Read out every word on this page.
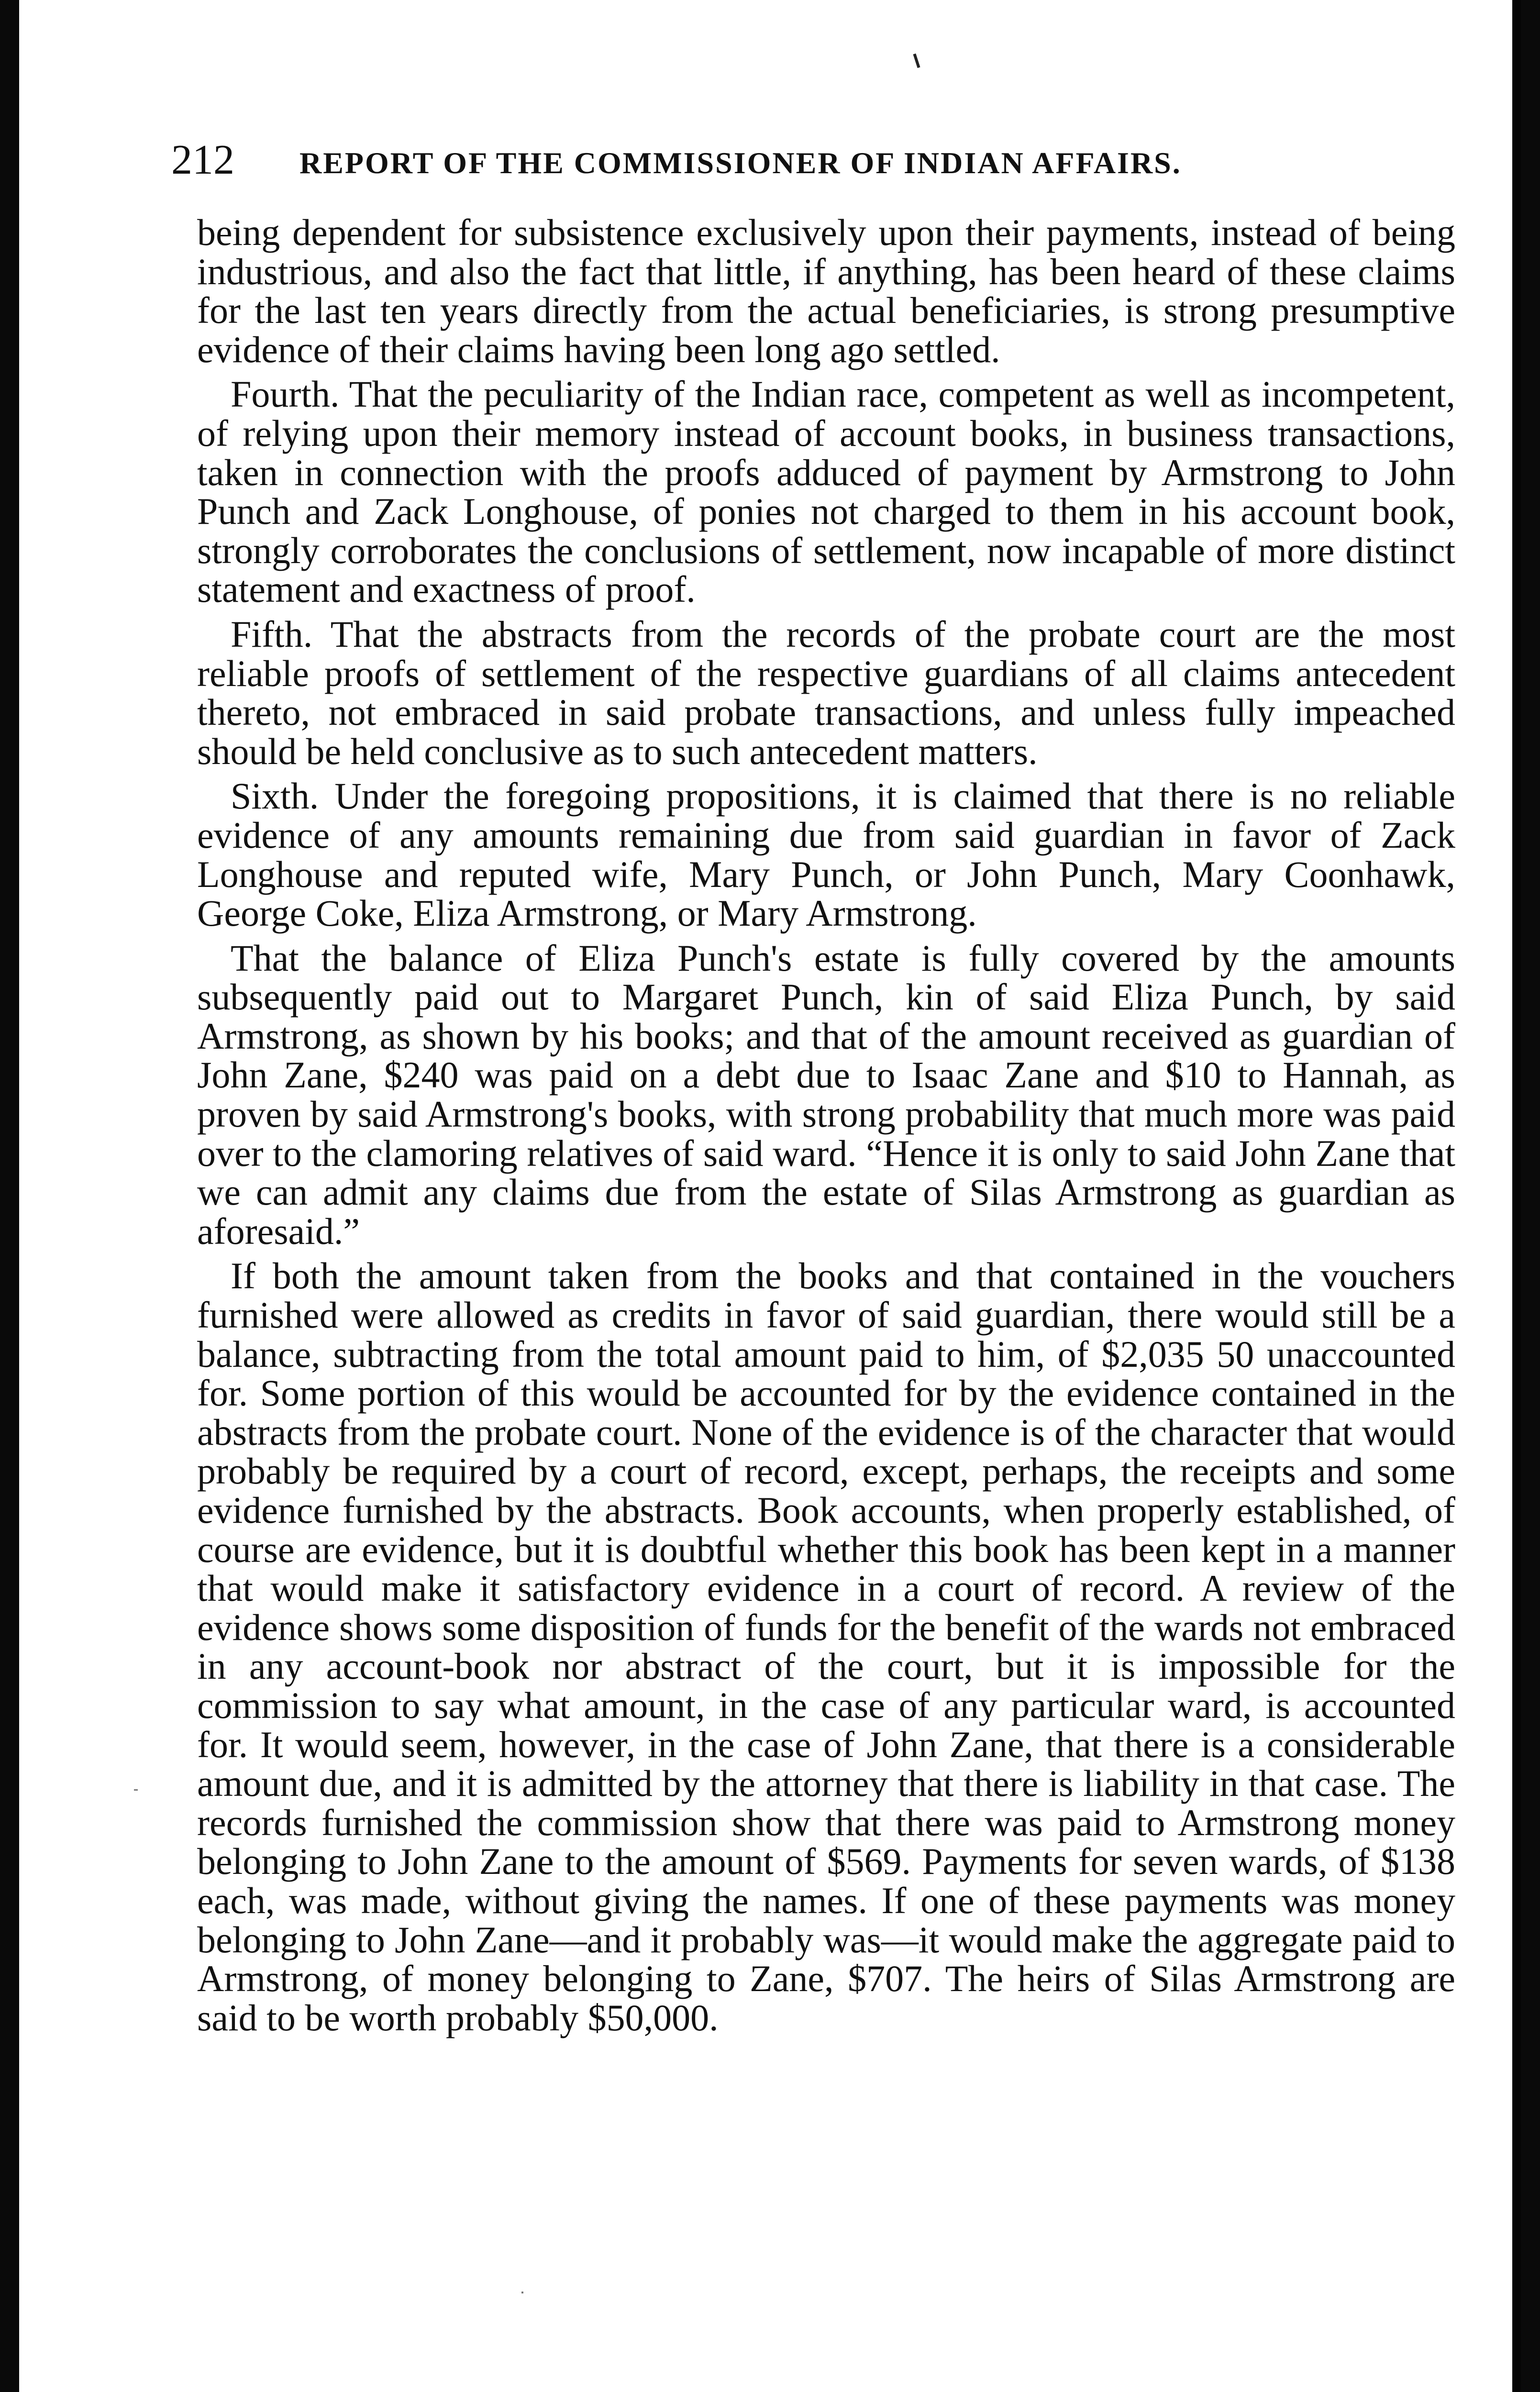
212 REPORT OF THE COMMISSIONER OF INDIAN AFFAIRS.

being dependent for subsistence exclusively upon their payments, instead of being industrious, and also the fact that little, if anything, has been heard of these claims for the last ten years directly from the actual beneficiaries, is strong presumptive evidence of their claims having been long ago settled.

Fourth. That the peculiarity of the Indian race, competent as well as incompetent, of relying upon their memory instead of account books, in business transactions, taken in connection with the proofs adduced of payment by Armstrong to John Punch and Zack Longhouse, of ponies not charged to them in his account book, strongly corroborates the conclusions of settlement, now incapable of more distinct statement and exactness of proof.

Fifth. That the abstracts from the records of the probate court are the most reliable proofs of settlement of the respective guardians of all claims antecedent thereto, not embraced in said probate transactions, and unless fully impeached should be held conclusive as to such antecedent matters.

Sixth. Under the foregoing propositions, it is claimed that there is no reliable evidence of any amounts remaining due from said guardian in favor of Zack Longhouse and reputed wife, Mary Punch, or John Punch, Mary Coonhawk, George Coke, Eliza Armstrong, or Mary Armstrong.

That the balance of Eliza Punch's estate is fully covered by the amounts subsequently paid out to Margaret Punch, kin of said Eliza Punch, by said Armstrong, as shown by his books; and that of the amount received as guardian of John Zane, $240 was paid on a debt due to Isaac Zane and $10 to Hannah, as proven by said Armstrong's books, with strong probability that much more was paid over to the clamoring relatives of said ward. “Hence it is only to said John Zane that we can admit any claims due from the estate of Silas Armstrong as guardian as aforesaid.”

If both the amount taken from the books and that contained in the vouchers furnished were allowed as credits in favor of said guardian, there would still be a balance, subtracting from the total amount paid to him, of $2,035 50 unaccounted for. Some portion of this would be accounted for by the evidence contained in the abstracts from the probate court. None of the evidence is of the character that would probably be required by a court of record, except, perhaps, the receipts and some evidence furnished by the abstracts. Book accounts, when properly established, of course are evidence, but it is doubtful whether this book has been kept in a manner that would make it satisfactory evidence in a court of record. A review of the evidence shows some disposition of funds for the benefit of the wards not embraced in any account-book nor abstract of the court, but it is impossible for the commission to say what amount, in the case of any particular ward, is accounted for. It would seem, however, in the case of John Zane, that there is a considerable amount due, and it is admitted by the attorney that there is liability in that case. The records furnished the commission show that there was paid to Armstrong money belonging to John Zane to the amount of $569. Payments for seven wards, of $138 each, was made, without giving the names. If one of these payments was money belonging to John Zane—and it probably was—it would make the aggregate paid to Armstrong, of money belonging to Zane, $707. The heirs of Silas Armstrong are said to be worth probably $50,000.
